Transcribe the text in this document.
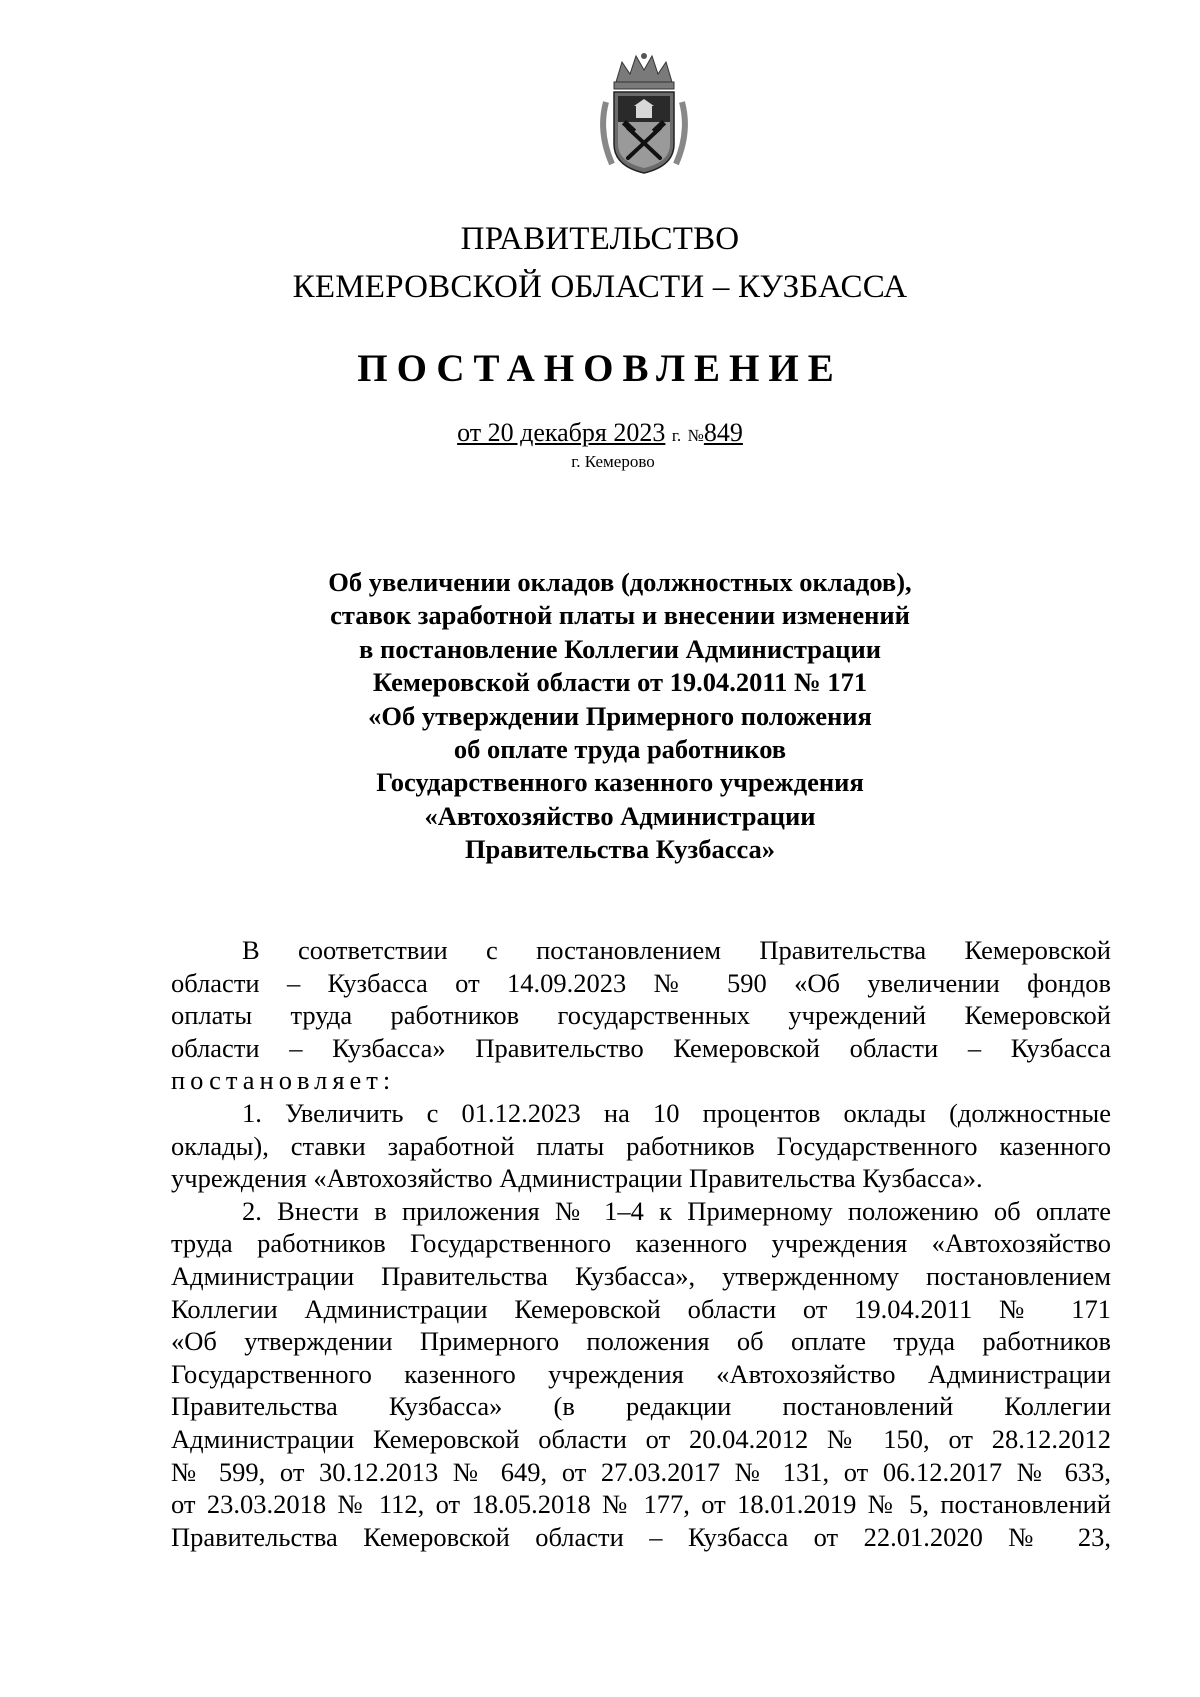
ПРАВИТЕЛЬСТВО
КЕМЕРОВСКОЙ ОБЛАСТИ – КУЗБАССА
ПОСТАНОВЛЕНИЕ
от 20 декабря 2023 г. №849
г. Кемерово
Об увеличении окладов (должностных окладов),
ставок заработной платы и внесении изменений
в постановление Коллегии Администрации
Кемеровской области от 19.04.2011 № 171
«Об утверждении Примерного положения
об оплате труда работников
Государственного казенного учреждения
«Автохозяйство Администрации
Правительства Кузбасса»
В соответствии с постановлением Правительства Кемеровской
области – Кузбасса от 14.09.2023 № 590 «Об увеличении фондов
оплаты труда работников государственных учреждений Кемеровской
области – Кузбасса» Правительство Кемеровской области – Кузбасса
постановляет:
1. Увеличить с 01.12.2023 на 10 процентов оклады (должностные
оклады), ставки заработной платы работников Государственного казенного
учреждения «Автохозяйство Администрации Правительства Кузбасса».
2. Внести в приложения № 1–4 к Примерному положению об оплате
труда работников Государственного казенного учреждения «Автохозяйство
Администрации Правительства Кузбасса», утвержденному постановлением
Коллегии Администрации Кемеровской области от 19.04.2011 № 171
«Об утверждении Примерного положения об оплате труда работников
Государственного казенного учреждения «Автохозяйство Администрации
Правительства Кузбасса» (в редакции постановлений Коллегии
Администрации Кемеровской области от 20.04.2012 № 150, от 28.12.2012
№ 599, от 30.12.2013 № 649, от 27.03.2017 № 131, от 06.12.2017 № 633,
от 23.03.2018 № 112, от 18.05.2018 № 177, от 18.01.2019 № 5, постановлений
Правительства Кемеровской области – Кузбасса от 22.01.2020 № 23,
